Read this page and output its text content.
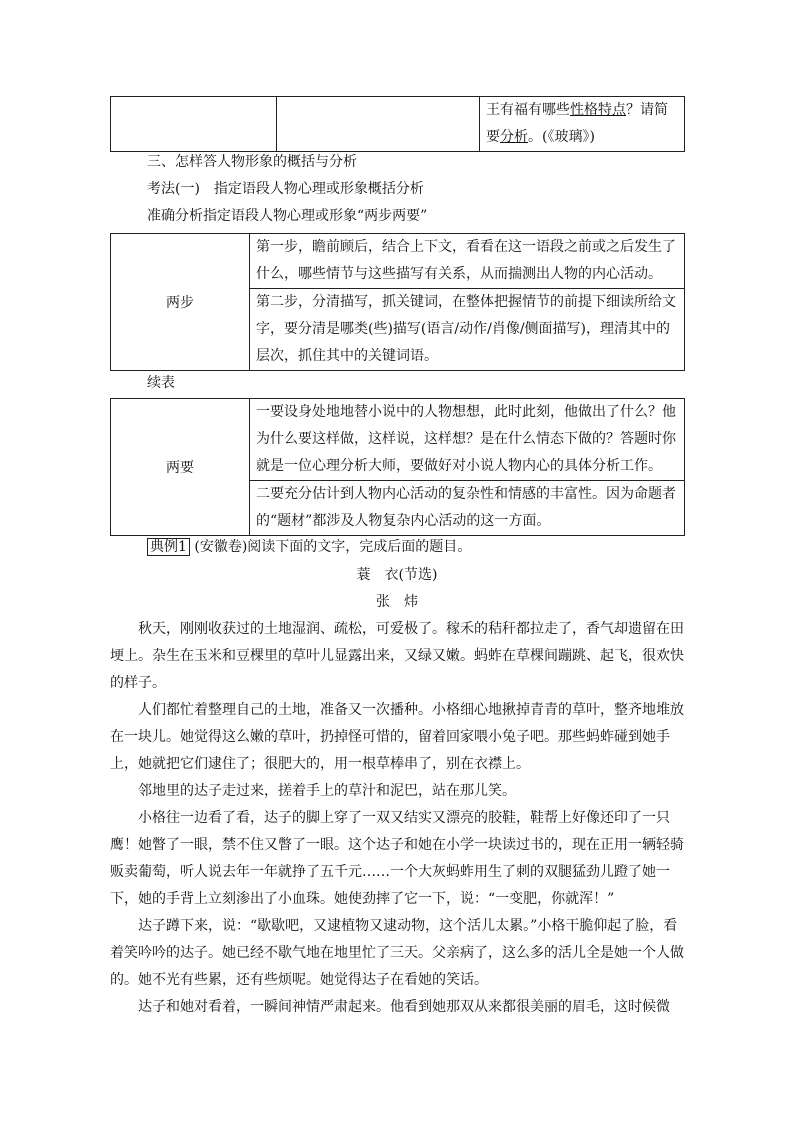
王有福有哪些性格特点？请简
要分析。(《玻璃》)
三、怎样答人物形象的概括与分析
考法(一)　指定语段人物心理或形象概括分析
准确分析指定语段人物心理或形象“两步两要”
两步	第一步，瞻前顾后，结合上下文，看看在这一语段之前或之后发生了什么，哪些情节与这些描写有关系，从而揣测出人物的内心活动。
第二步，分清描写，抓关键词，在整体把握情节的前提下细读所给文字，要分清是哪类(些)描写(语言/动作/肖像/侧面描写)，理清其中的层次，抓住其中的关键词语。
续表
两要	一要设身处地地替小说中的人物想想，此时此刻，他做出了什么？他为什么要这样做，这样说，这样想？是在什么情态下做的？答题时你就是一位心理分析大师，要做好对小说人物内心的具体分析工作。
二要充分估计到人物内心活动的复杂性和情感的丰富性。因为命题者的“题材”都涉及人物复杂内心活动的这一方面。
典例1 (安徽卷)阅读下面的文字，完成后面的题目。
蓑　衣(节选)
张　炜
秋天，刚刚收获过的土地湿润、疏松，可爱极了。稼禾的秸秆都拉走了，香气却遗留在田埂上。杂生在玉米和豆棵里的草叶儿显露出来，又绿又嫩。蚂蚱在草棵间蹦跳、起飞，很欢快的样子。
人们都忙着整理自己的土地，准备又一次播种。小格细心地揪掉青青的草叶，整齐地堆放在一块儿。她觉得这么嫩的草叶，扔掉怪可惜的，留着回家喂小兔子吧。那些蚂蚱碰到她手上，她就把它们逮住了；很肥大的，用一根草棒串了，别在衣襟上。
邻地里的达子走过来，搓着手上的草汁和泥巴，站在那儿笑。
小格往一边看了看，达子的脚上穿了一双又结实又漂亮的胶鞋，鞋帮上好像还印了一只鹰！她瞥了一眼，禁不住又瞥了一眼。这个达子和她在小学一块读过书的，现在正用一辆轻骑贩卖葡萄，听人说去年一年就挣了五千元……一个大灰蚂蚱用生了刺的双腿猛劲儿蹬了她一下，她的手背上立刻渗出了小血珠。她使劲摔了它一下，说：“一变肥，你就浑！”
达子蹲下来，说：“歇歇吧，又逮植物又逮动物，这个活儿太累。”小格干脆仰起了脸，看着笑吟吟的达子。她已经不歇气地在地里忙了三天。父亲病了，这么多的活儿全是她一个人做的。她不光有些累，还有些烦呢。她觉得达子在看她的笑话。
达子和她对看着，一瞬间神情严肃起来。他看到她那双从来都很美丽的眉毛，这时候微
